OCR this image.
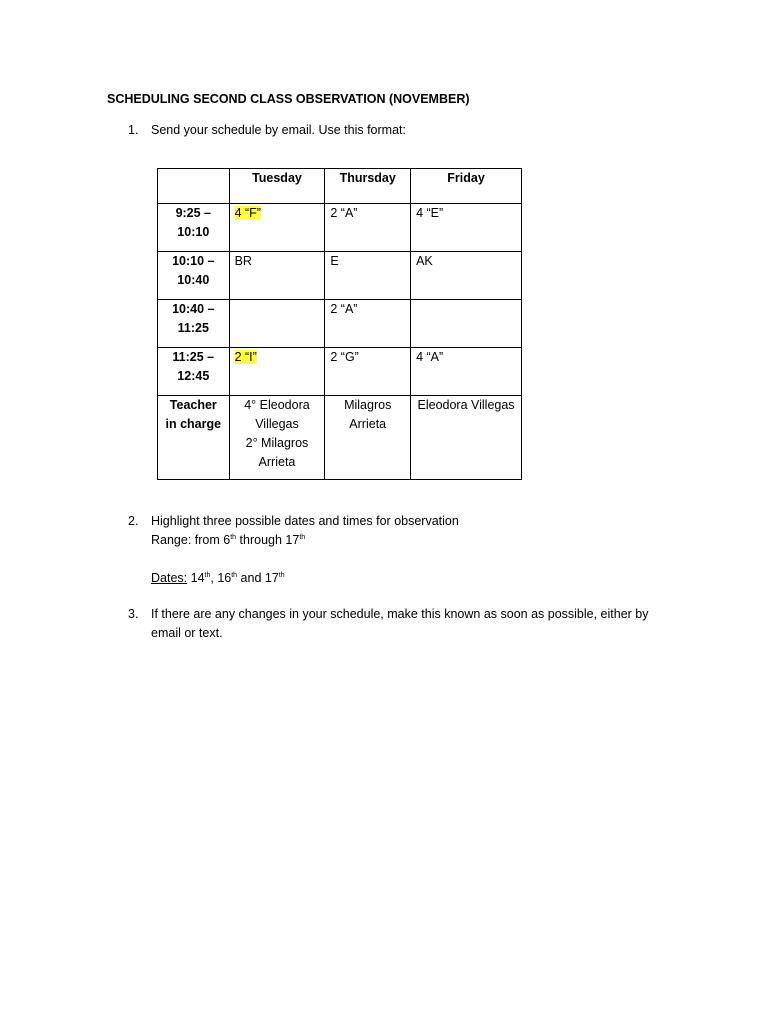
SCHEDULING SECOND CLASS OBSERVATION (NOVEMBER)
1.	Send your schedule by email. Use this format:

	Tuesday	Thursday	Friday

9:25 –
10:10	4 “F”	2 “A”	4 “E”

10:10 –
10:40	BR	E	AK

10:40 –
11:25		2 “A”	

11:25 –
12:45	2 “I”	2 “G”	4 “A”

Teacher
in charge	4° Eleodora
Villegas
2° Milagros
Arrieta	Milagros
Arrieta	Eleodora Villegas
2.	Highlight three possible dates and times for observation
Range: from 6th through 17th

Dates: 14th, 16th and 17th
3.	If there are any changes in your schedule, make this known as soon as possible, either by email or text.
